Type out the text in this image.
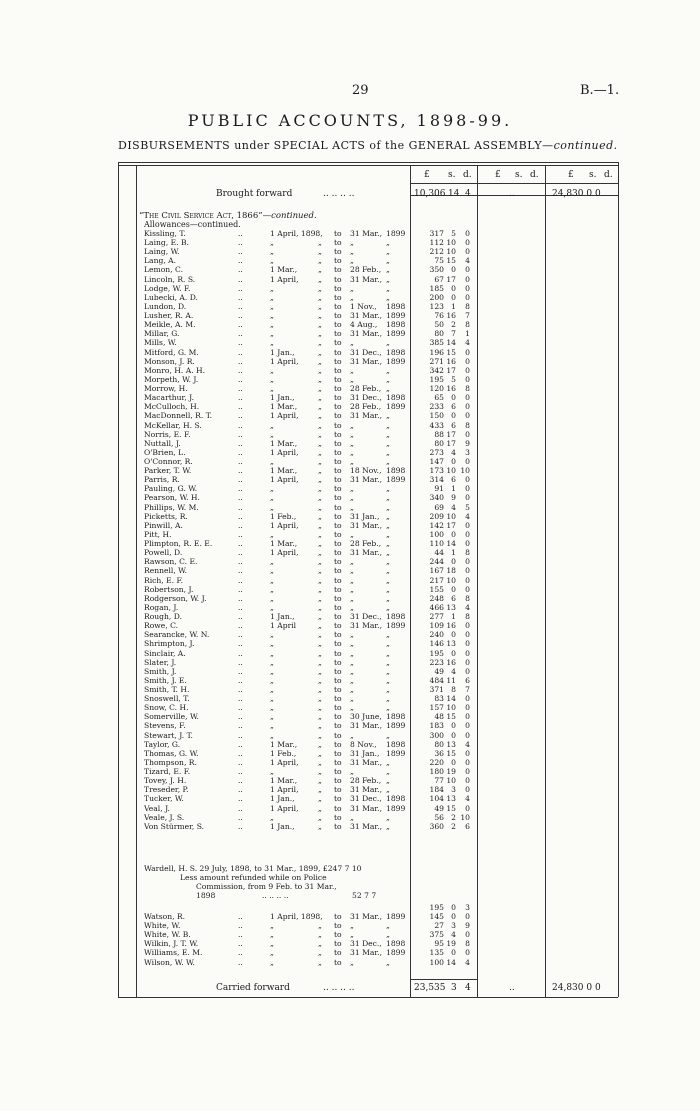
29	B.—1.
PUBLIC ACCOUNTS, 1898-99.
DISBURSEMENTS under SPECIAL ACTS of the GENERAL ASSEMBLY—continued.
£ s. d.	£ s. d.	£ s. d.
Brought forward	.. .. .. ..	10,306 14 4	..	24,830 0 0
“The Civil Service Act, 1866”—continued.
Allowances—continued.
Kissling, T.	..	1 April, 1898, to 31 Mar., 1899	317 5	0
Laing, E. B.	..	„	„ to „	„	112 10	0
Laing, W.	..	„	„ to „	„	212 10	0
Lang, A.	..	„	„ to „	„	75 15	4
Lemon, C.	..	1 Mar.,	„ to 28 Feb., „	350 0	0
Lincoln, R. S.	..	1 April,	„ to 31 Mar., „	67 17	0
Lodge, W. F.	..	„	„ to „	„	185 0	0
Lubecki, A. D.	..	„	„ to „	„	200 0	0
Lundon, D.	..	„	„ to 1 Nov., 1898	123 1	8
Lusher, R. A.	..	„	„ to 31 Mar., 1899	76 16	7
Meikle, A. M.	..	„	„ to 4 Aug., 1898	50 2	8
Millar, G.	..	„	„ to 31 Mar., 1899	80 7	1
Mills, W.	..	„	„ to „	„	385 14	4
Mitford, G. M.	..	1 Jan.,	„ to 31 Dec., 1898	196 15	0
Monson, J. R.	..	1 April,	„ to 31 Mar., 1899	271 16	0
Monro, H. A. H.	..	„	„ to „	„	342 17	0
Morpeth, W. J.	..	„	„ to „	„	195 5	0
Morrow, H.	..	„	„ to 28 Feb., „	120 16	8
Macarthur, J.	..	1 Jan.,	„ to 31 Dec., 1898	65 0	0
McCulloch, H.	..	1 Mar.,	„ to 28 Feb., 1899	233 6	0
MacDonnell, R. T.	..	1 April,	„ to 31 Mar., „	150 0	0
McKellar, H. S.	..	„	„ to „	„	433 6	8
Norris, E. F.	..	„	„ to „	„	88 17	0
Nuttall, J.	..	1 Mar.,	„ to „	„	80 17	9
O'Brien, L.	..	1 April,	„ to „	„	273 4	3
O'Connor, R.	..	„	„ to „	„	147 0	0
Parker, T. W.	..	1 Mar.,	„ to 18 Nov., 1898	173 10 10
Parris, R.	..	1 April,	„ to 31 Mar., 1899	314 6	0
Pauling, G. W.	..	„	„ to „	„	91 1	0
Pearson, W. H.	..	„	„ to „	„	340 9	0
Phillips, W. M.	..	„	„ to „	„	69 4	5
Picketts, R.	..	1 Feb.,	„ to 31 Jan., „	209 10	4
Pinwill, A.	..	1 April,	„ to 31 Mar., „	142 17	0
Pitt, H.	..	„	„ to „	„	100 0	0
Plimpton, R. E. E.	..	1 Mar.,	„ to 28 Feb., „	110 14	0
Powell, D.	..	1 April,	„ to 31 Mar., „	44 1	8
Rawson, C. E.	..	„	„ to „	„	244 0	0
Rennell, W.	..	„	„ to „	„	167 18	0
Rich, E. F.	..	„	„ to „	„	217 10	0
Robertson, J.	..	„	„ to „	„	155 0	0
Rodgerson, W. J.	..	„	„ to „	„	248 6	8
Rogan, J.	..	„	„ to „	„	466 13	4
Rough, D.	..	1 Jan.,	„ to 31 Dec., 1898	277 1	8
Rowe, C.	..	1 April	„ to 31 Mar., 1899	109 16	0
Searancke, W. N.	..	„	„ to „	„	240 0	0
Shrimpton, J.	..	„	„ to „	„	146 13	0
Sinclair, A.	..	„	„ to „	„	195 0	0
Slater, J.	..	„	„ to „	„	223 16	0
Smith, J.	..	„	„ to „	„	49 4	0
Smith, J. E.	..	„	„ to „	„	484 11	6
Smith, T. H.	..	„	„ to „	„	371 8	7
Snoswell, T.	..	„	„ to „	„	83 14	0
Snow, C. H.	..	„	„ to „	„	157 10	0
Somerville, W.	..	„	„ to 30 June, 1898	48 15	0
Stevens, F.	..	„	„ to 31 Mar., 1899	183 0	0
Stewart, J. T.	..	„	„ to „	„	300 0	0
Taylor, G.	..	1 Mar.,	„ to 8 Nov., 1898	80 13	4
Thomas, G. W.	..	1 Feb.,	„ to 31 Jan., 1899	36 15	0
Thompson, R.	..	1 April,	„ to 31 Mar., „	220 0	0
Tizard, E. F.	..	„	„ to „	„	180 19	0
Tovey, J. H.	..	1 Mar.,	„ to 28 Feb., „	77 10	0
Treseder, P.	..	1 April,	„ to 31 Mar., „	184 3	0
Tucker, W.	..	1 Jan.,	„ to 31 Dec., 1898	104 13	4
Veal, J.	..	1 April,	„ to 31 Mar., 1899	49 15	0
Veale, J. S.	..	„	„ to „	„	56 2 10
Von Stürmer, S.	..	1 Jan.,	„ to 31 Mar., „	360 2	6
Wardell, H. S. 29 July, 1898, to 31 Mar., 1899, £247 7 10
Less amount refunded while on Police
Commission, from 9 Feb. to 31 Mar.,
1898	.. .. .. ..	52 7 7
195 0	3
Watson, R.	..	1 April, 1898, to 31 Mar., 1899	145 0	0
White, W.	..	„	„ to „	„	27 3	9
White, W. B.	..	„	„ to „	„	375 4	0
Wilkin, J. T. W.	..	„	„ to 31 Dec., 1898	95 19	8
Williams, E. M.	..	„	„ to 31 Mar., 1899	135 0	0
Wilson, W. W.	..	„	„ to „	„	100 14	4
Carried forward	.. .. .. ..	23,535 3 4	..	24,830 0 0
